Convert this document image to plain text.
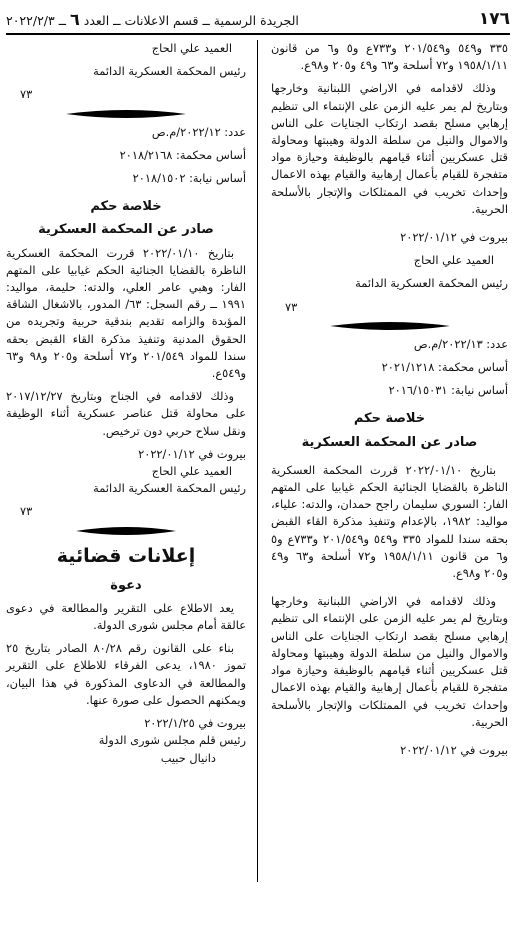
١٧٦
الجريدة الرسمية ــ قسم الاعلانات ــ العدد ٦ ــ ٢٠٢٢/٢/٣

٣٣٥ و٥٤٩ و٢٠١/٥٤٩ و٧٣٣ع و٥ و٦ من قانون ١٩٥٨/١/١١ و٧٢ أسلحة و٦٣ و٤٩ و٢٠٥ و٩٨ع.

وذلك لاقدامه في الاراضي اللبنانية وخارجها وبتاريخ لم يمر عليه الزمن على الإنتماء الى تنظيم إرهابي مسلح بقصد ارتكاب الجنايات على الناس والاموال والنيل من سلطة الدولة وهيبتها ومحاولة قتل عسكريين أثناء قيامهم بالوظيفة وحيازة مواد متفجرة للقيام بأعمال إرهابية والقيام بهذه الاعمال وإحداث تخريب في الممتلكات والإتجار بالأسلحة الحربية.

بيروت في ٢٠٢٢/٠١/١٢

العميد علي الحاج

رئيس المحكمة العسكرية الدائمة

٧٣

عدد: ٢٠٢٢/١٣/م.ص

أساس محكمة: ٢٠٢١/١٢١٨

أساس نيابة: ٢٠١٦/١٥٠٣١

خلاصة حكم

صادر عن المحكمة العسكرية

بتاريخ ٢٠٢٢/٠١/١٠ قررت المحكمة العسكرية الناظرة بالقضايا الجنائية الحكم غيابيا على المتهم الفار: السوري سليمان راجح حمدان، والدته: علياء، مواليد: ١٩٨٢، بالإعدام وتنفيذ مذكرة القاء القبض بحقه سندا للمواد ٣٣٥ و٥٤٩ و٢٠١/٥٤٩ و٧٣٣ع و٥ و٦ من قانون ١٩٥٨/١/١١ و٧٢ أسلحة و٦٣ و٤٩ و٢٠٥ و٩٨ع.

وذلك لاقدامه في الاراضي اللبنانية وخارجها وبتاريخ لم يمر عليه الزمن على الإنتماء الى تنظيم إرهابي مسلح بقصد ارتكاب الجنايات على الناس والاموال والنيل من سلطة الدولة وهيبتها ومحاولة قتل عسكريين أثناء قيامهم بالوظيفة وحيازة مواد متفجرة للقيام بأعمال إرهابية والقيام بهذه الاعمال وإحداث تخريب في الممتلكات والإتجار بالأسلحة الحربية.

بيروت في ٢٠٢٢/٠١/١٢

العميد علي الحاج

رئيس المحكمة العسكرية الدائمة

٧٣

عدد: ٢٠٢٢/١٢/م.ص

أساس محكمة: ٢٠١٨/٢١٦٨

أساس نيابة: ٢٠١٨/١٥٠٢

خلاصة حكم

صادر عن المحكمة العسكرية

بتاريخ ٢٠٢٢/٠١/١٠ قررت المحكمة العسكرية الناظرة بالقضايا الجنائية الحكم غيابيا على المتهم الفار: وهبي عامر العلي، والدته: حليمة، مواليد: ١٩٩١ ــ رقم السجل: ٦٣/ المدور، بالاشغال الشاقة المؤبدة والزامه تقديم بندقية حربية وتجريده من الحقوق المدنية وتنفيذ مذكرة القاء القبض بحقه سندا للمواد ٢٠١/٥٤٩ و٧٢ أسلحة و٢٠٥ و٩٨ و٦٣ و٥٤٩ع.

وذلك لاقدامه في الجناح وبتاريخ ٢٠١٧/١٢/٢٧ على محاولة قتل عناصر عسكرية أثناء الوظيفة ونقل سلاح حربي دون ترخيص.

بيروت في ٢٠٢٢/٠١/١٢

العميد علي الحاج

رئيس المحكمة العسكرية الدائمة

٧٣

إعلانات قضائية

دعوة

يعد الاطلاع على التقرير والمطالعة في دعوى عالقة أمام مجلس شورى الدولة.

بناء على القانون رقم ٨٠/٢٨ الصادر بتاريخ ٢٥ تموز ١٩٨٠، يدعى الفرقاء للاطلاع على التقرير والمطالعة في الدعاوى المذكورة في هذا البيان، ويمكنهم الحصول على صورة عنها.

بيروت في ٢٠٢٢/١/٢٥

رئيس قلم مجلس شورى الدولة

دانيال حبيب
